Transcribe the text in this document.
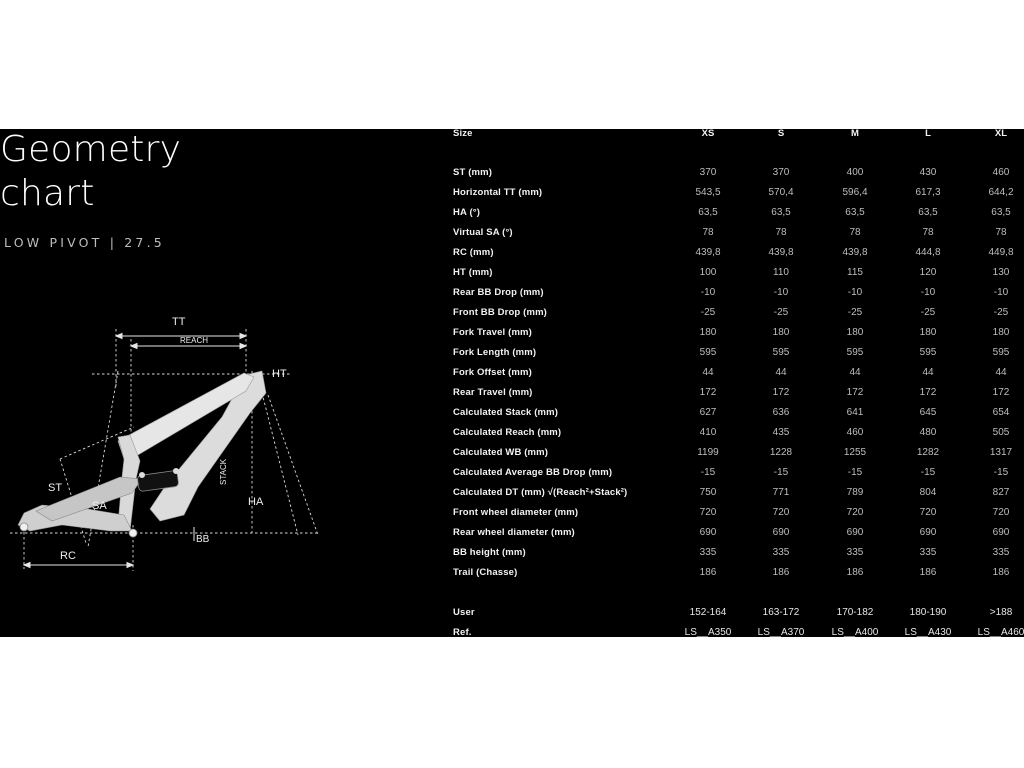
Geometry
chart
LOW PIVOT | 27.5
TT
REACH
HT
ST
SA
STACK
HA
BB
RC
Size	XS	S	M	L	XL
ST (mm)	370	370	400	430	460
Horizontal TT (mm)	543,5	570,4	596,4	617,3	644,2
HA (°)	63,5	63,5	63,5	63,5	63,5
Virtual SA (°)	78	78	78	78	78
RC (mm)	439,8	439,8	439,8	444,8	449,8
HT (mm)	100	110	115	120	130
Rear BB Drop (mm)	-10	-10	-10	-10	-10
Front BB Drop (mm)	-25	-25	-25	-25	-25
Fork Travel (mm)	180	180	180	180	180
Fork Length (mm)	595	595	595	595	595
Fork Offset (mm)	44	44	44	44	44
Rear Travel (mm)	172	172	172	172	172
Calculated Stack (mm)	627	636	641	645	654
Calculated Reach (mm)	410	435	460	480	505
Calculated WB (mm)	1199	1228	1255	1282	1317
Calculated Average BB Drop (mm)	-15	-15	-15	-15	-15
Calculated DT (mm) √(Reach²+Stack²)	750	771	789	804	827
Front wheel diameter (mm)	720	720	720	720	720
Rear wheel diameter (mm)	690	690	690	690	690
BB height (mm)	335	335	335	335	335
Trail (Chasse)	186	186	186	186	186
User	152-164	163-172	170-182	180-190	>188
Ref.	LS__A350	LS__A370	LS__A400	LS__A430	LS__A460
